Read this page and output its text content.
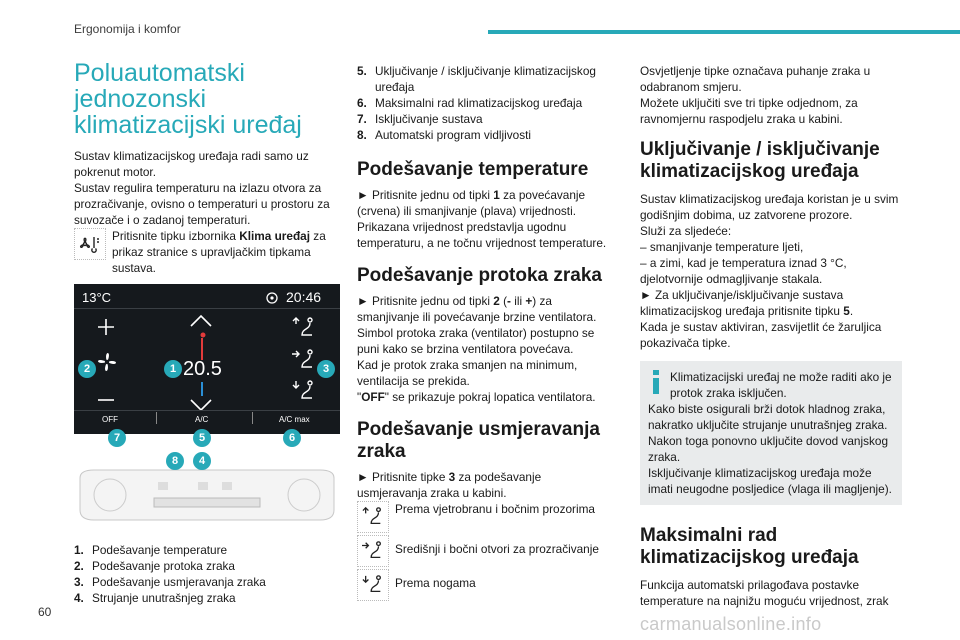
Ergonomija i komfor
Poluautomatski jednozonski klimatizacijski uređaj

Sustav klimatizacijskog uređaja radi samo uz pokrenut motor.

Sustav regulira temperaturu na izlazu otvora za prozračivanje, ovisno o temperaturi u prostoru za suvozače i o zadanoj temperaturi.

Pritisnite tipku izbornika Klima uređaj za prikaz stranice s upravljačkim tipkama sustava.

13°C	20:46
20.5
OFF	A/C	A/C max
2	1	3
7	5	6
8	4
1. Podešavanje temperature
2. Podešavanje protoka zraka
3. Podešavanje usmjeravanja zraka
4. Strujanje unutrašnjeg zraka
5. Uključivanje / isključivanje klimatizacijskog uređaja
6. Maksimalni rad klimatizacijskog uređaja
7. Isključivanje sustava
8. Automatski program vidljivosti
Podešavanje temperature

► Pritisnite jednu od tipki 1 za povećavanje (crvena) ili smanjivanje (plava) vrijednosti.

Prikazana vrijednost predstavlja ugodnu temperaturu, a ne točnu vrijednost temperature.

Podešavanje protoka zraka

► Pritisnite jednu od tipki 2 (- ili +) za smanjivanje ili povećavanje brzine ventilatora.

Simbol protoka zraka (ventilator) postupno se puni kako se brzina ventilatora povećava.

Kad je protok zraka smanjen na minimum, ventilacija se prekida.

"OFF" se prikazuje pokraj lopatica ventilatora.

Podešavanje usmjeravanja zraka

► Pritisnite tipke 3 za podešavanje usmjeravanja zraka u kabini.

Prema vjetrobranu i bočnim prozorima

Središnji i bočni otvori za prozračivanje

Prema nogama

Osvjetljenje tipke označava puhanje zraka u odabranom smjeru.

Možete uključiti sve tri tipke odjednom, za ravnomjernu raspodjelu zraka u kabini.

Uključivanje / isključivanje klimatizacijskog uređaja

Sustav klimatizacijskog uređaja koristan je u svim godišnjim dobima, uz zatvorene prozore.

Služi za sljedeće:

– smanjivanje temperature ljeti,

– a zimi, kad je temperatura iznad 3 °C, djelotvornije odmagljivanje stakala.

► Za uključivanje/isključivanje sustava klimatizacijskog uređaja pritisnite tipku 5.

Kada je sustav aktiviran, zasvijetlit će žaruljica pokazivača tipke.

Klimatizacijski uređaj ne može raditi ako je protok zraka isključen.

Kako biste osigurali brži dotok hladnog zraka, nakratko uključite strujanje unutrašnjeg zraka. Nakon toga ponovno uključite dovod vanjskog zraka.

Isključivanje klimatizacijskog uređaja može imati neugodne posljedice (vlaga ili magljenje).

Maksimalni rad klimatizacijskog uređaja

Funkcija automatski prilagođava postavke temperature na najnižu moguću vrijednost, zrak

60
carmanualsonline.info
